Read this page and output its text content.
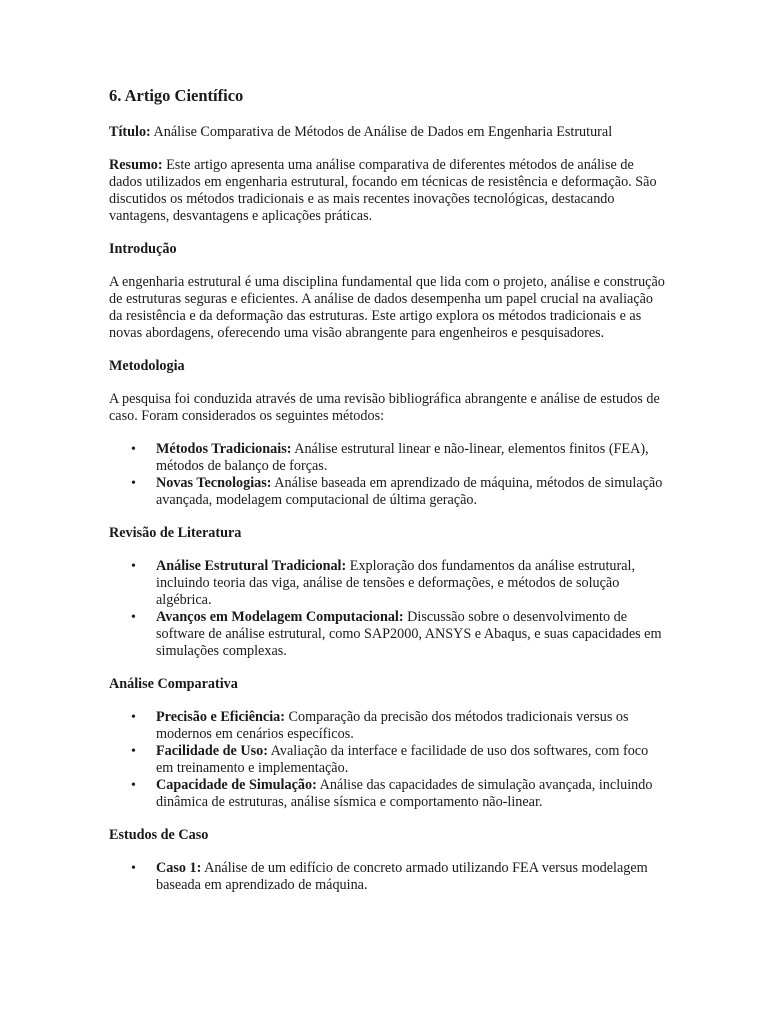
6. Artigo Científico

Título: Análise Comparativa de Métodos de Análise de Dados em Engenharia Estrutural

Resumo: Este artigo apresenta uma análise comparativa de diferentes métodos de análise de dados utilizados em engenharia estrutural, focando em técnicas de resistência e deformação. São discutidos os métodos tradicionais e as mais recentes inovações tecnológicas, destacando vantagens, desvantagens e aplicações práticas.

Introdução

A engenharia estrutural é uma disciplina fundamental que lida com o projeto, análise e construção de estruturas seguras e eficientes. A análise de dados desempenha um papel crucial na avaliação da resistência e da deformação das estruturas. Este artigo explora os métodos tradicionais e as novas abordagens, oferecendo uma visão abrangente para engenheiros e pesquisadores.

Metodologia

A pesquisa foi conduzida através de uma revisão bibliográfica abrangente e análise de estudos de caso. Foram considerados os seguintes métodos:

• Métodos Tradicionais: Análise estrutural linear e não-linear, elementos finitos (FEA), métodos de balanço de forças.
• Novas Tecnologias: Análise baseada em aprendizado de máquina, métodos de simulação avançada, modelagem computacional de última geração.
Revisão de Literatura
• Análise Estrutural Tradicional: Exploração dos fundamentos da análise estrutural, incluindo teoria das viga, análise de tensões e deformações, e métodos de solução algébrica.
• Avanços em Modelagem Computacional: Discussão sobre o desenvolvimento de software de análise estrutural, como SAP2000, ANSYS e Abaqus, e suas capacidades em simulações complexas.
Análise Comparativa
• Precisão e Eficiência: Comparação da precisão dos métodos tradicionais versus os modernos em cenários específicos.
• Facilidade de Uso: Avaliação da interface e facilidade de uso dos softwares, com foco em treinamento e implementação.
• Capacidade de Simulação: Análise das capacidades de simulação avançada, incluindo dinâmica de estruturas, análise sísmica e comportamento não-linear.
Estudos de Caso
• Caso 1: Análise de um edifício de concreto armado utilizando FEA versus modelagem baseada em aprendizado de máquina.
